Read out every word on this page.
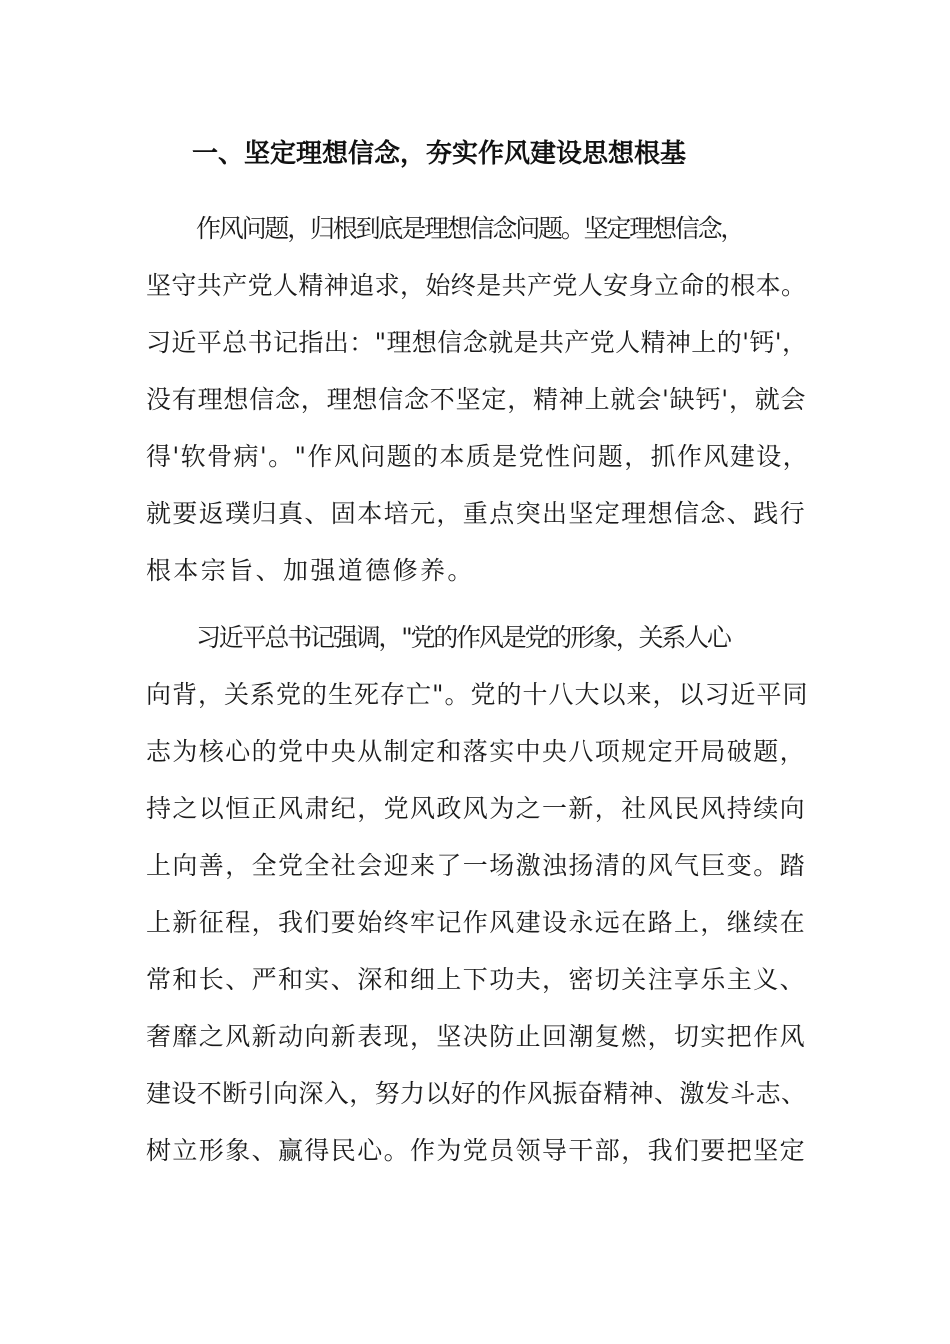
一、坚定理想信念，夯实作风建设思想根基
作风问题，归根到底是理想信念问题。坚定理想信念，
坚守共产党人精神追求，始终是共产党人安身立命的根本。
习近平总书记指出："理想信念就是共产党人精神上的'钙'，
没有理想信念，理想信念不坚定，精神上就会'缺钙'，就会
得'软骨病'。"作风问题的本质是党性问题，抓作风建设，
就要返璞归真、固本培元，重点突出坚定理想信念、践行
根本宗旨、加强道德修养。
习近平总书记强调，"党的作风是党的形象，关系人心
向背，关系党的生死存亡"。党的十八大以来，以习近平同
志为核心的党中央从制定和落实中央八项规定开局破题，
持之以恒正风肃纪，党风政风为之一新，社风民风持续向
上向善，全党全社会迎来了一场激浊扬清的风气巨变。踏
上新征程，我们要始终牢记作风建设永远在路上，继续在
常和长、严和实、深和细上下功夫，密切关注享乐主义、
奢靡之风新动向新表现，坚决防止回潮复燃，切实把作风
建设不断引向深入，努力以好的作风振奋精神、激发斗志、
树立形象、赢得民心。作为党员领导干部，我们要把坚定
